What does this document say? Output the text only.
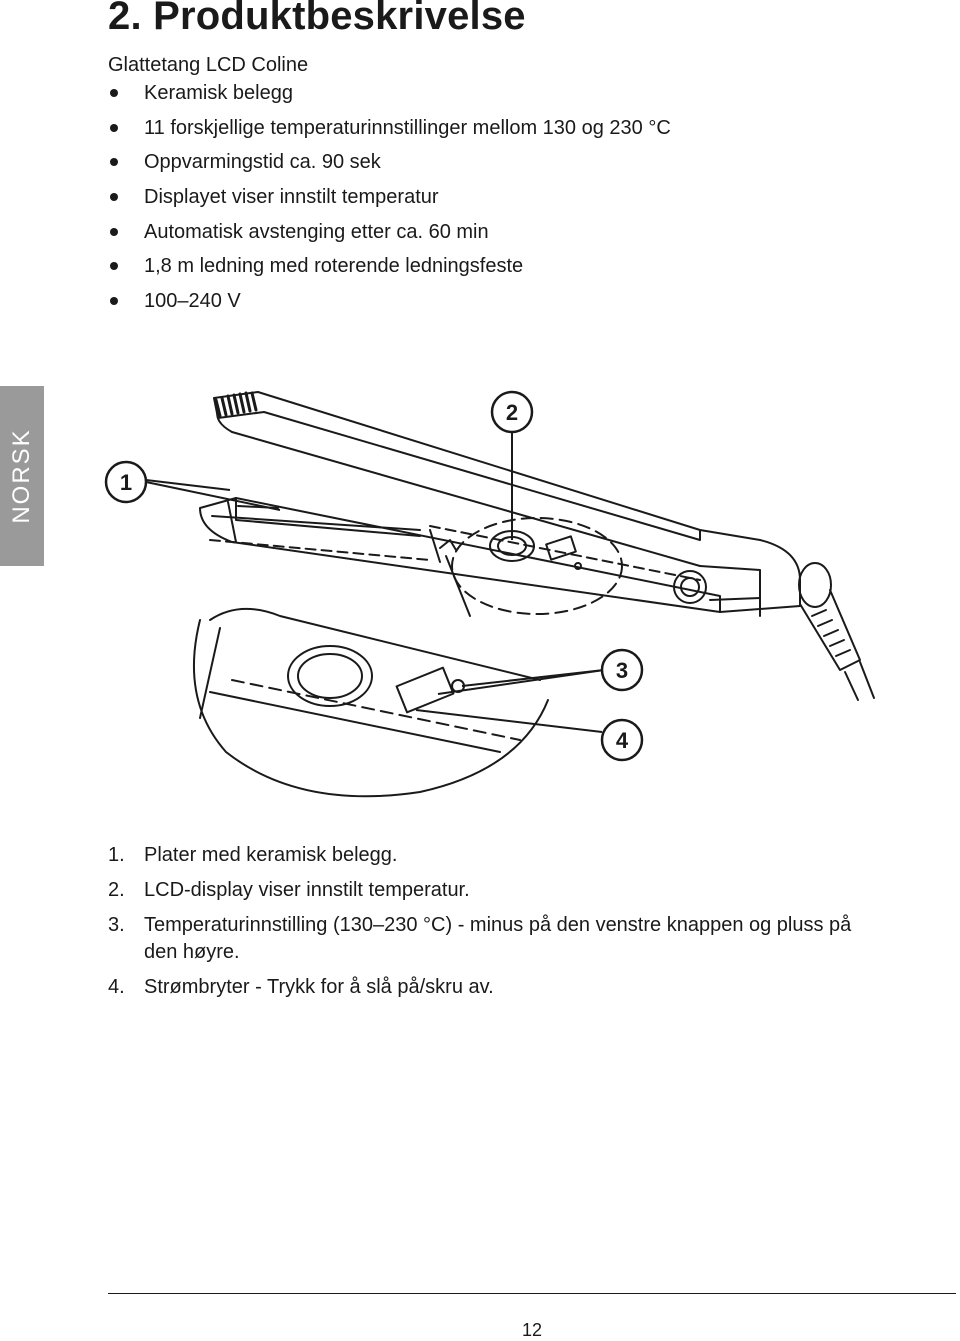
2. Produktbeskrivelse
Glattetang LCD Coline
Keramisk belegg
11 forskjellige temperaturinnstillinger mellom 130 og 230 °C
Oppvarmingstid ca. 90 sek
Displayet viser innstilt temperatur
Automatisk avstenging etter ca. 60 min
1,8 m ledning med roterende ledningsfeste
100–240 V
NORSK	1
2
3
4
1. Plater med keramisk belegg.
2. LCD-display viser innstilt temperatur.
3. Temperaturinnstilling (130–230 °C) - minus på den venstre knappen og pluss på den høyre.
4. Strømbryter - Trykk for å slå på/skru av.
12
